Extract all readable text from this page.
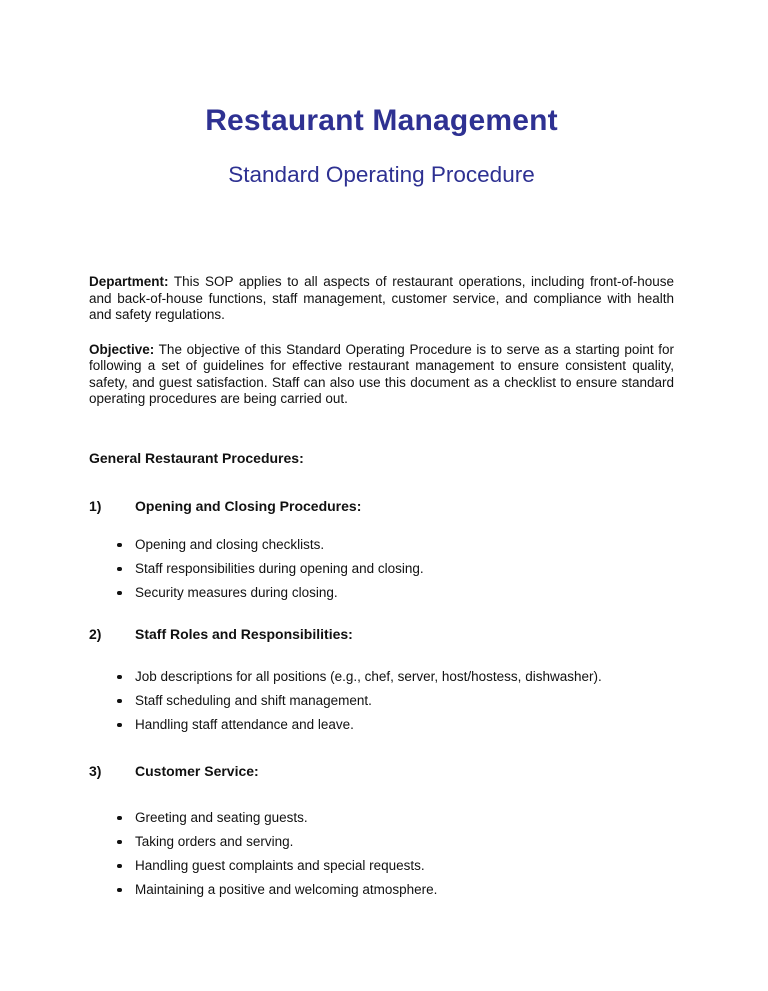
Restaurant Management
Standard Operating Procedure

Department: This SOP applies to all aspects of restaurant operations, including front-of-house and back-of-house functions, staff management, customer service, and compliance with health and safety regulations.

Objective: The objective of this Standard Operating Procedure is to serve as a starting point for following a set of guidelines for effective restaurant management to ensure consistent quality, safety, and guest satisfaction. Staff can also use this document as a checklist to ensure standard operating procedures are being carried out.

General Restaurant Procedures:
1)	Opening and Closing Procedures:
Opening and closing checklists.
Staff responsibilities during opening and closing.
Security measures during closing.
2)	Staff Roles and Responsibilities:
Job descriptions for all positions (e.g., chef, server, host/hostess, dishwasher).
Staff scheduling and shift management.
Handling staff attendance and leave.
3)	Customer Service:
Greeting and seating guests.
Taking orders and serving.
Handling guest complaints and special requests.
Maintaining a positive and welcoming atmosphere.
